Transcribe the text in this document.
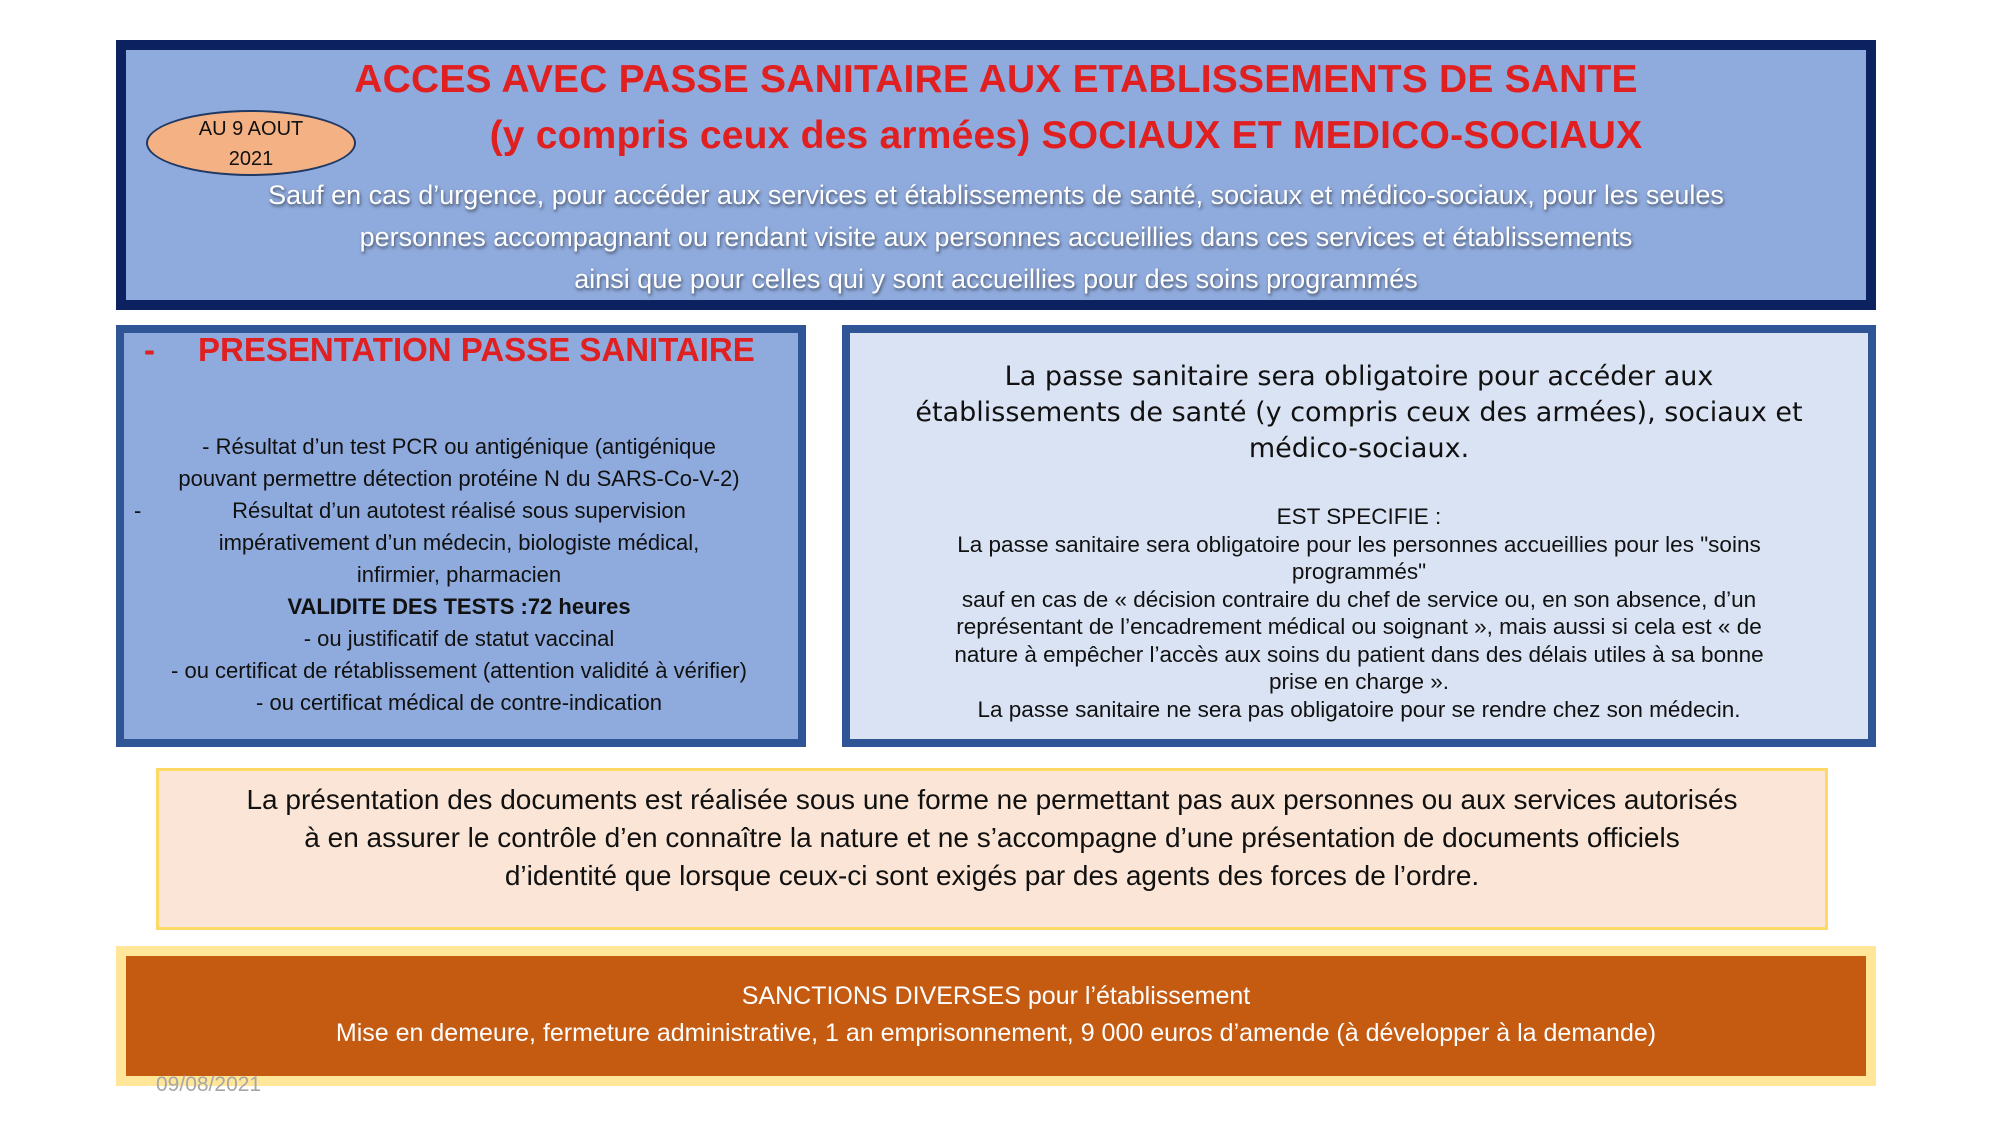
ACCES AVEC PASSE SANITAIRE AUX ETABLISSEMENTS DE SANTE
(y compris ceux des armées) SOCIAUX ET MEDICO-SOCIAUX
AU 9 AOUT
2021
Sauf en cas d’urgence, pour accéder aux services et établissements de santé, sociaux et médico-sociaux, pour les seules
personnes accompagnant ou rendant visite aux personnes accueillies dans ces services et établissements
ainsi que pour celles qui y sont accueillies pour des soins programmés
- PRESENTATION PASSE SANITAIRE
- Résultat d’un test PCR ou antigénique (antigénique
pouvant permettre détection protéine N du SARS-Co-V-2)
-	Résultat d’un autotest réalisé sous supervision
impérativement d’un médecin, biologiste médical,
infirmier, pharmacien
VALIDITE DES TESTS :72 heures
- ou justificatif de statut vaccinal
- ou certificat de rétablissement (attention validité à vérifier)
- ou certificat médical de contre-indication
La passe sanitaire sera obligatoire pour accéder aux
établissements de santé (y compris ceux des armées), sociaux et
médico-sociaux.
EST SPECIFIE :
La passe sanitaire sera obligatoire pour les personnes accueillies pour les "soins
programmés"
sauf en cas de « décision contraire du chef de service ou, en son absence, d’un
représentant de l’encadrement médical ou soignant », mais aussi si cela est « de
nature à empêcher l’accès aux soins du patient dans des délais utiles à sa bonne
prise en charge ».
La passe sanitaire ne sera pas obligatoire pour se rendre chez son médecin.
La présentation des documents est réalisée sous une forme ne permettant pas aux personnes ou aux services autorisés
à en assurer le contrôle d’en connaître la nature et ne s’accompagne d’une présentation de documents officiels
d’identité que lorsque ceux-ci sont exigés par des agents des forces de l’ordre.
SANCTIONS DIVERSES pour l’établissement
Mise en demeure, fermeture administrative, 1 an emprisonnement, 9 000 euros d’amende (à développer à la demande)
09/08/2021
